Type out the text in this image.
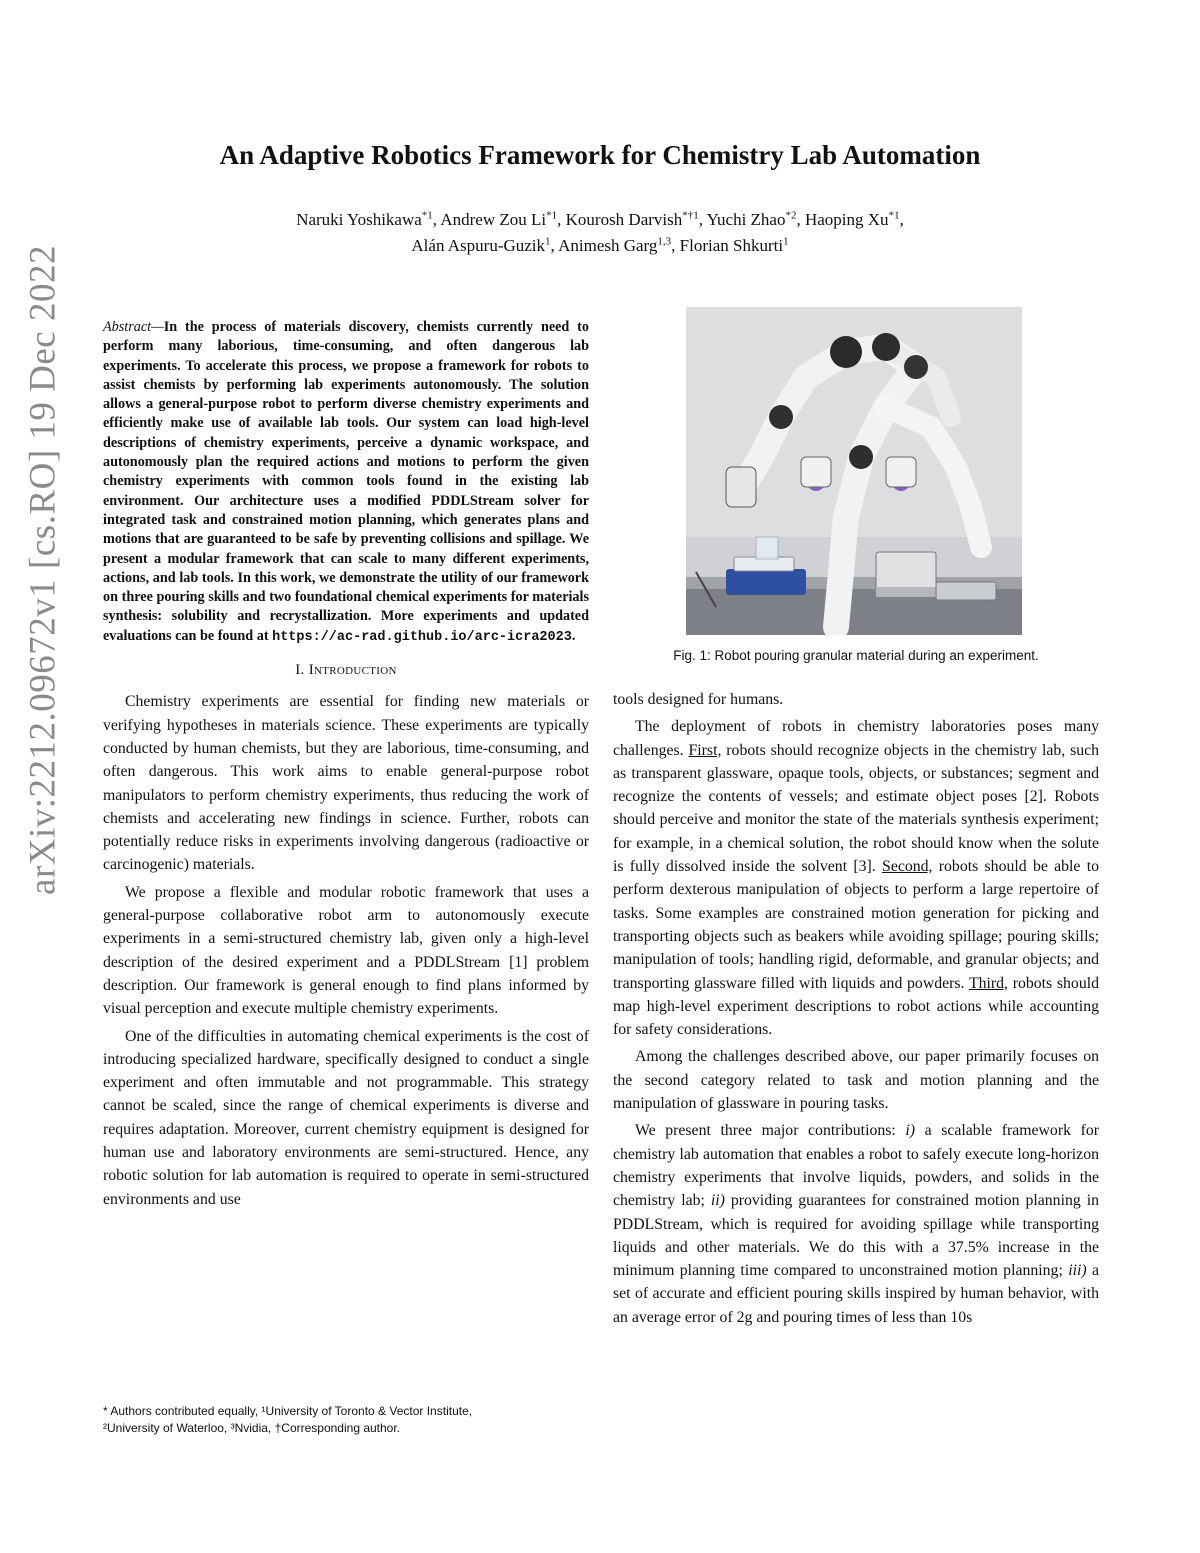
arXiv:2212.09672v1 [cs.RO] 19 Dec 2022
An Adaptive Robotics Framework for Chemistry Lab Automation
Naruki Yoshikawa$^{*1}$, Andrew Zou Li$^{*1}$, Kourosh Darvish$^{*\dagger 1}$, Yuchi Zhao$^{*2}$, Haoping Xu$^{*1}$,
Alán Aspuru-Guzik$^1$, Animesh Garg$^{1,3}$, Florian Shkurti$^1$

Abstract—In the process of materials discovery, chemists currently need to perform many laborious, time-consuming, and often dangerous lab experiments. To accelerate this process, we propose a framework for robots to assist chemists by performing lab experiments autonomously. The solution allows a general-purpose robot to perform diverse chemistry experiments and efficiently make use of available lab tools. Our system can load high-level descriptions of chemistry experiments, perceive a dynamic workspace, and autonomously plan the required actions and motions to perform the given chemistry experiments with common tools found in the existing lab environment. Our architecture uses a modified PDDLStream solver for integrated task and constrained motion planning, which generates plans and motions that are guaranteed to be safe by preventing collisions and spillage. We present a modular framework that can scale to many different experiments, actions, and lab tools. In this work, we demonstrate the utility of our framework on three pouring skills and two foundational chemical experiments for materials synthesis: solubility and recrystallization. More experiments and updated evaluations can be found at https://ac-rad.github.io/arc-icra2023.

I. Introduction

Chemistry experiments are essential for finding new materials or verifying hypotheses in materials science. These experiments are typically conducted by human chemists, but they are laborious, time-consuming, and often dangerous. This work aims to enable general-purpose robot manipulators to perform chemistry experiments, thus reducing the work of chemists and accelerating new findings in science. Further, robots can potentially reduce risks in experiments involving dangerous (radioactive or carcinogenic) materials.

We propose a flexible and modular robotic framework that uses a general-purpose collaborative robot arm to autonomously execute experiments in a semi-structured chemistry lab, given only a high-level description of the desired experiment and a PDDLStream [1] problem description. Our framework is general enough to find plans informed by visual perception and execute multiple chemistry experiments.

One of the difficulties in automating chemical experiments is the cost of introducing specialized hardware, specifically designed to conduct a single experiment and often immutable and not programmable. This strategy cannot be scaled, since the range of chemical experiments is diverse and requires adaptation. Moreover, current chemistry equipment is designed for human use and laboratory environments are semi-structured. Hence, any robotic solution for lab automation is required to operate in semi-structured environments and use

* Authors contributed equally, ¹University of Toronto & Vector Institute,
²University of Waterloo, ³Nvidia, †Corresponding author.
Fig. 1: Robot pouring granular material during an experiment.

tools designed for humans.

The deployment of robots in chemistry laboratories poses many challenges. First, robots should recognize objects in the chemistry lab, such as transparent glassware, opaque tools, objects, or substances; segment and recognize the contents of vessels; and estimate object poses [2]. Robots should perceive and monitor the state of the materials synthesis experiment; for example, in a chemical solution, the robot should know when the solute is fully dissolved inside the solvent [3]. Second, robots should be able to perform dexterous manipulation of objects to perform a large repertoire of tasks. Some examples are constrained motion generation for picking and transporting objects such as beakers while avoiding spillage; pouring skills; manipulation of tools; handling rigid, deformable, and granular objects; and transporting glassware filled with liquids and powders. Third, robots should map high-level experiment descriptions to robot actions while accounting for safety considerations.

Among the challenges described above, our paper primarily focuses on the second category related to task and motion planning and the manipulation of glassware in pouring tasks.

We present three major contributions: i) a scalable framework for chemistry lab automation that enables a robot to safely execute long-horizon chemistry experiments that involve liquids, powders, and solids in the chemistry lab; ii) providing guarantees for constrained motion planning in PDDLStream, which is required for avoiding spillage while transporting liquids and other materials. We do this with a 37.5% increase in the minimum planning time compared to unconstrained motion planning; iii) a set of accurate and efficient pouring skills inspired by human behavior, with an average error of 2g and pouring times of less than 10s
